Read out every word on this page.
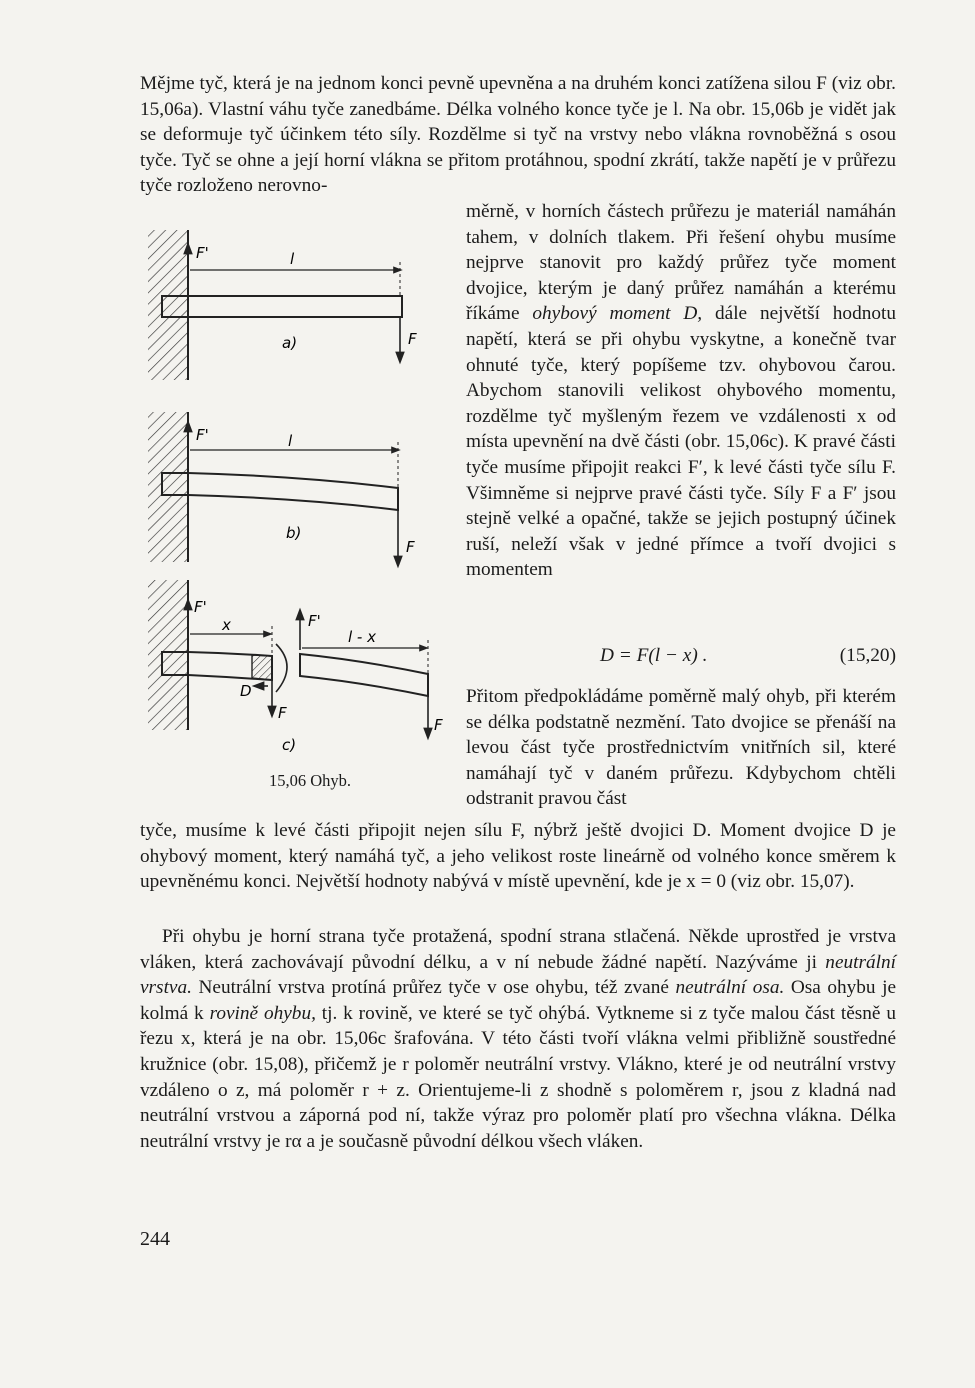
Mějme tyč, která je na jednom konci pevně upevněna a na druhém konci zatížena silou F (viz obr. 15,06a). Vlastní váhu tyče zanedbáme. Délka volného konce tyče je l. Na obr. 15,06b je vidět jak se deformuje tyč účinkem této síly. Rozdělme si tyč na vrstvy nebo vlákna rovnoběžná s osou tyče. Tyč se ohne a její horní vlákna se přitom protáhnou, spodní zkrátí, takže napětí je v průřezu tyče rozloženo nerovno-

měrně, v horních částech průřezu je materiál namáhán tahem, v dolních tlakem. Při řešení ohybu musíme nejprve stanovit pro každý průřez tyče moment dvojice, kterým je daný průřez namáhán a kterému říkáme ohybový moment D, dále největší hodnotu napětí, která se při ohybu vyskytne, a konečně tvar ohnuté tyče, který popíšeme tzv. ohybovou čarou. Abychom stanovili velikost ohybového momentu, rozdělme tyč myšleným řezem ve vzdálenosti x od místa upevnění na dvě části (obr. 15,06c). K pravé části tyče musíme připojit reakci F′, k levé části tyče sílu F. Všimněme si nejprve pravé části tyče. Síly F a F′ jsou stejně velké a opačné, takže se jejich postupný účinek ruší, neleží však v jedné přímce a tvoří dvojici s momentem

D = F(l − x) .	(15,20)

Přitom předpokládáme poměrně malý ohyb, při kterém se délka podstatně nezmění. Tato dvojice se přenáší na levou část tyče prostřednictvím vnitřních sil, které namáhají tyč v daném průřezu. Kdybychom chtěli odstranit pravou část

tyče, musíme k levé části připojit nejen sílu F, nýbrž ještě dvojici D. Moment dvojice D je ohybový moment, který namáhá tyč, a jeho velikost roste lineárně od volného konce směrem k upevněnému konci. Největší hodnoty nabývá v místě upevnění, kde je x = 0 (viz obr. 15,07).

Při ohybu je horní strana tyče protažená, spodní strana stlačená. Někde uprostřed je vrstva vláken, která zachovávají původní délku, a v ní nebude žádné napětí. Nazýváme ji neutrální vrstva. Neutrální vrstva protíná průřez tyče v ose ohybu, též zvané neutrální osa. Osa ohybu je kolmá k rovině ohybu, tj. k rovině, ve které se tyč ohýbá. Vytkneme si z tyče malou část těsně u řezu x, která je na obr. 15,06c šrafována. V této části tvoří vlákna velmi přibližně soustředné kružnice (obr. 15,08), přičemž je r poloměr neutrální vrstvy. Vlákno, které je od neutrální vrstvy vzdáleno o z, má poloměr r + z. Orientujeme-li z shodně s poloměrem r, jsou z kladná nad neutrální vrstvou a záporná pod ní, takže výraz pro poloměr platí pro všechna vlákna. Délka neutrální vrstvy je rα a je současně původní délkou všech vláken.

F'	l
a)	F
F'	l
b)
F
F'
x
D
F
F'
l - x
F
c)
15,06 Ohyb.
244
